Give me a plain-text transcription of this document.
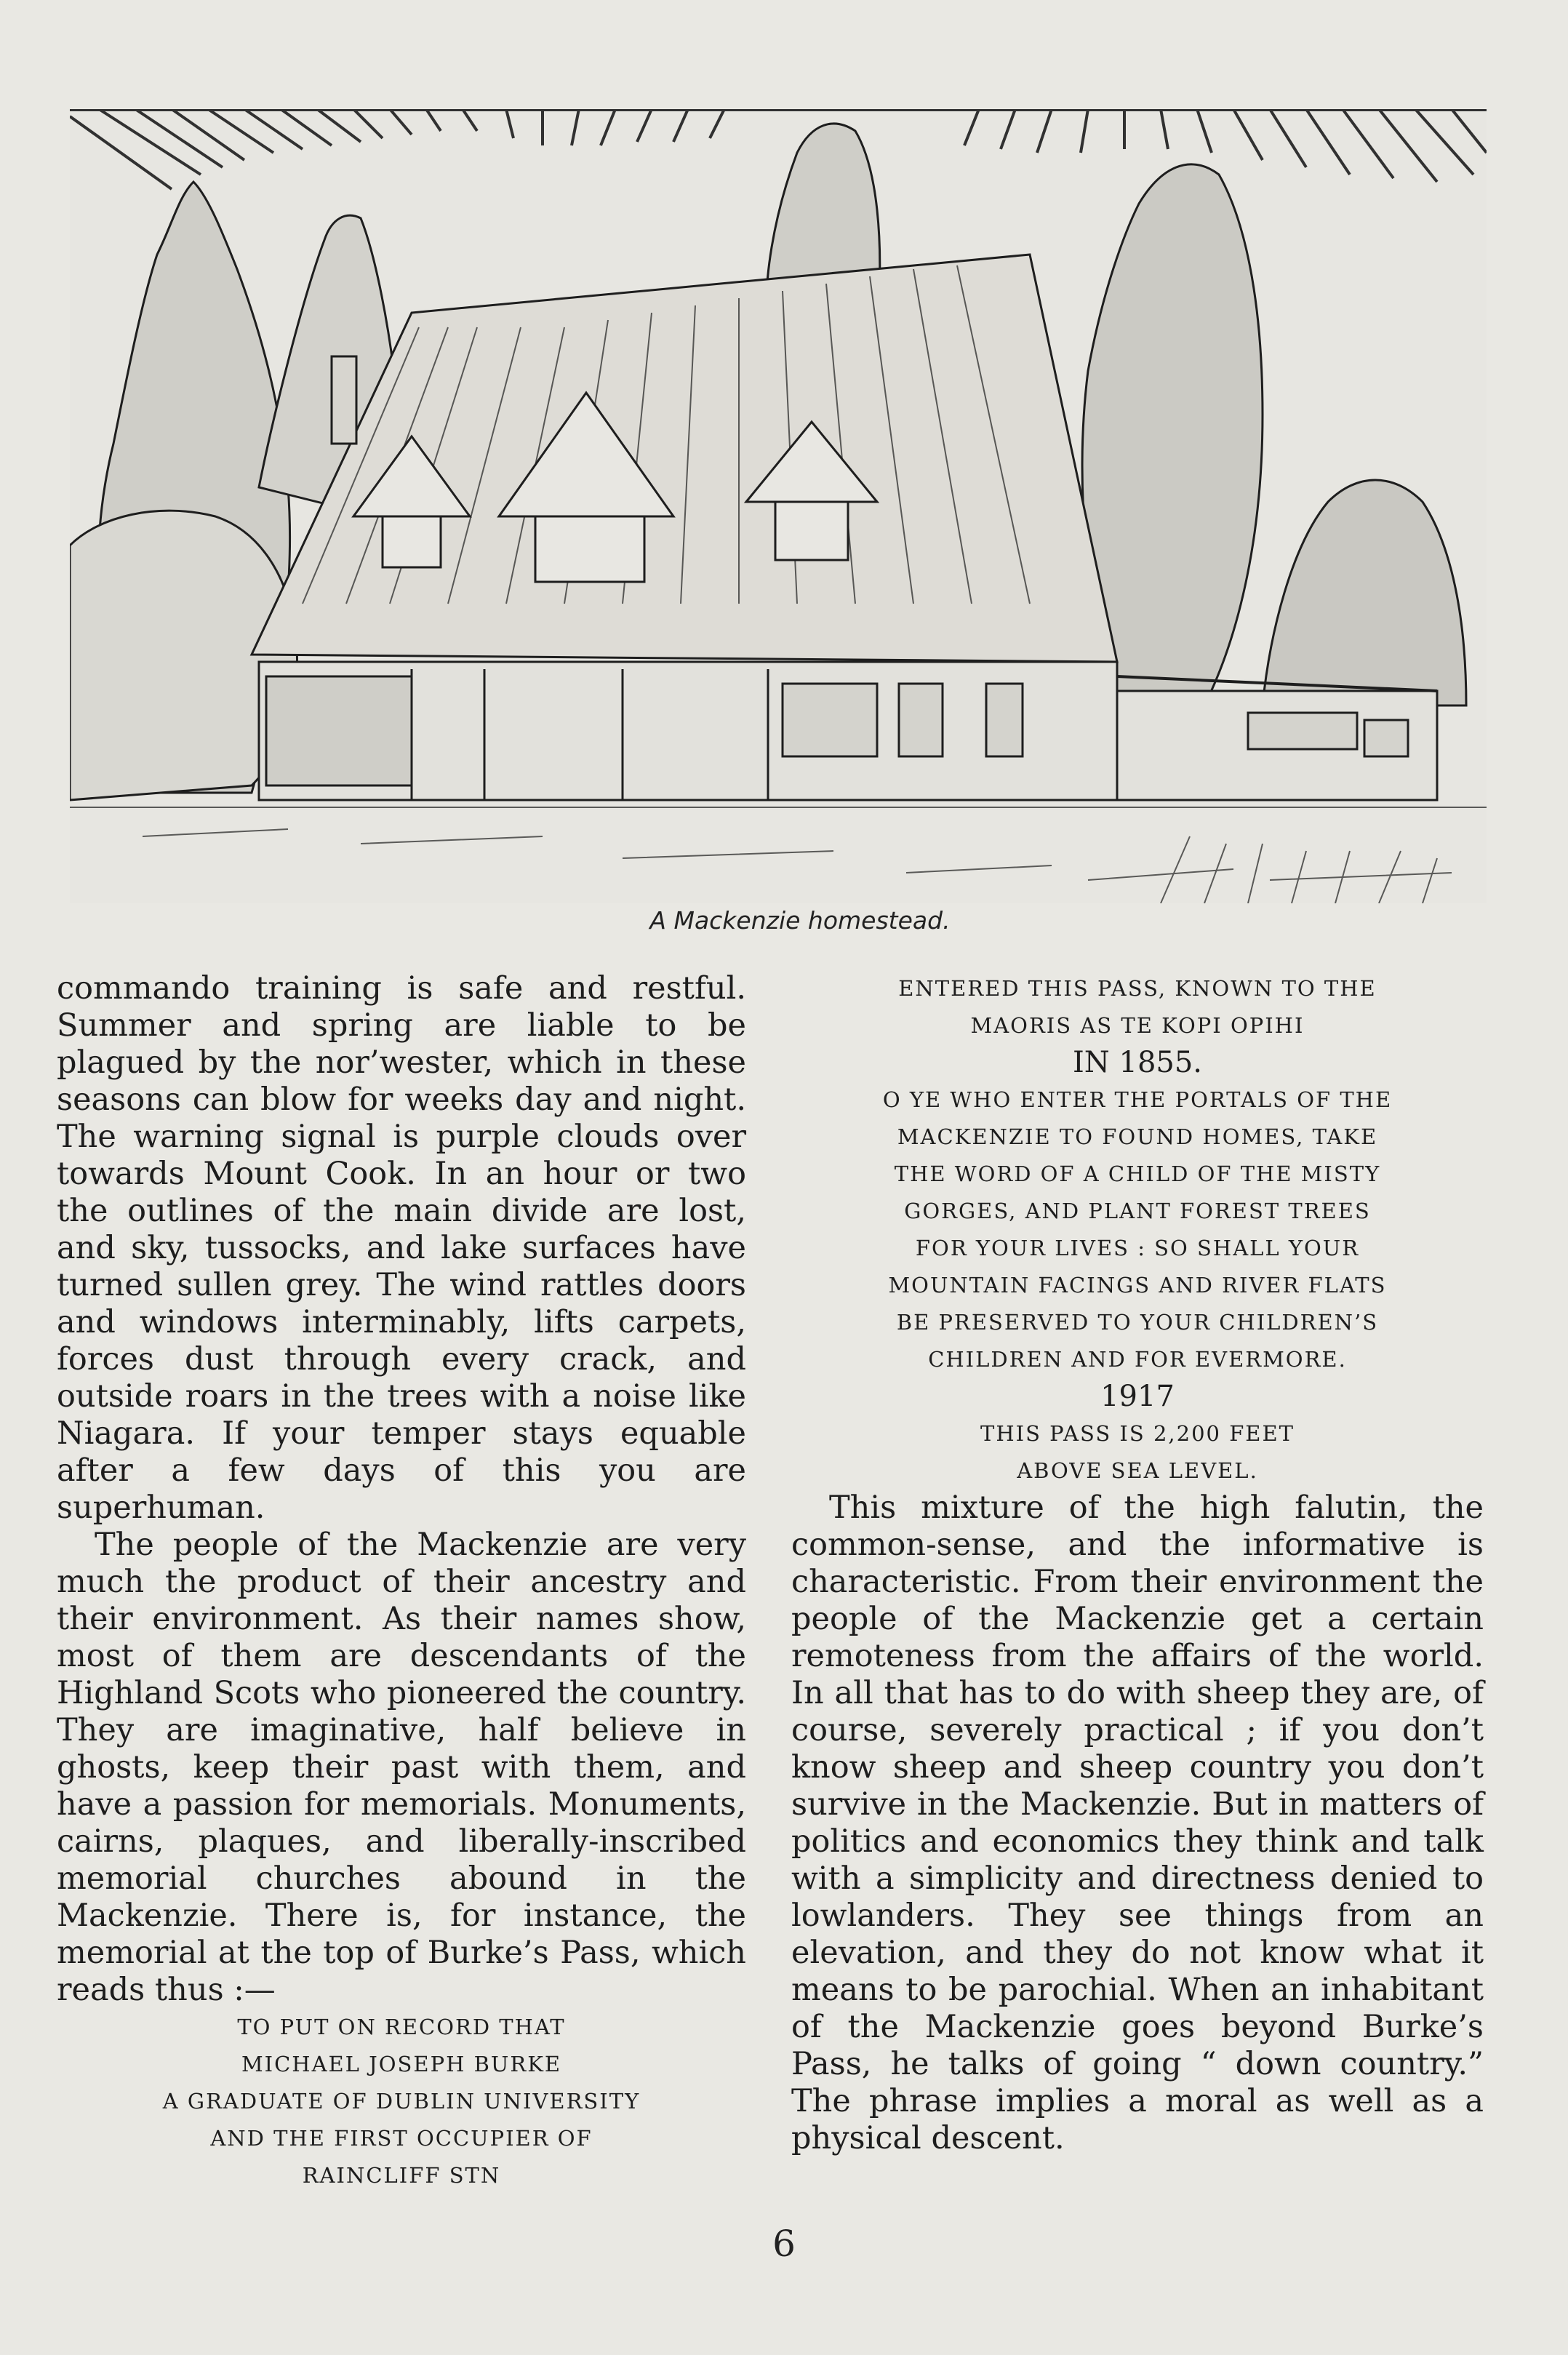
A Mackenzie homestead.

commando training is safe and restful. Summer and spring are liable to be plagued by the nor’wester, which in these seasons can blow for weeks day and night. The warning signal is purple clouds over towards Mount Cook. In an hour or two the outlines of the main divide are lost, and sky, tussocks, and lake surfaces have turned sullen grey. The wind rattles doors and windows interminably, lifts carpets, forces dust through every crack, and outside roars in the trees with a noise like Niagara. If your temper stays equable after a few days of this you are superhuman.

The people of the Mackenzie are very much the product of their ancestry and their environment. As their names show, most of them are descendants of the Highland Scots who pioneered the country. They are imaginative, half believe in ghosts, keep their past with them, and have a passion for memorials. Monuments, cairns, plaques, and liberally-inscribed memorial churches abound in the Mackenzie. There is, for instance, the memorial at the top of Burke’s Pass, which reads thus :—

TO PUT ON RECORD THAT
MICHAEL JOSEPH BURKE
A GRADUATE OF DUBLIN UNIVERSITY
AND THE FIRST OCCUPIER OF
RAINCLIFF STN
ENTERED THIS PASS, KNOWN TO THE
MAORIS AS TE KOPI OPIHI
IN 1855.
O YE WHO ENTER THE PORTALS OF THE
MACKENZIE TO FOUND HOMES, TAKE
THE WORD OF A CHILD OF THE MISTY
GORGES, AND PLANT FOREST TREES
FOR YOUR LIVES : SO SHALL YOUR
MOUNTAIN FACINGS AND RIVER FLATS
BE PRESERVED TO YOUR CHILDREN’S
CHILDREN AND FOR EVERMORE.
1917
THIS PASS IS 2,200 FEET
ABOVE SEA LEVEL.

This mixture of the high falutin, the common-sense, and the informative is characteristic. From their environment the people of the Mackenzie get a certain remoteness from the affairs of the world. In all that has to do with sheep they are, of course, severely practical ; if you don’t know sheep and sheep country you don’t survive in the Mackenzie. But in matters of politics and economics they think and talk with a simplicity and directness denied to lowlanders. They see things from an elevation, and they do not know what it means to be parochial. When an inhabitant of the Mackenzie goes beyond Burke’s Pass, he talks of going “ down country.” The phrase implies a moral as well as a physical descent.

6
